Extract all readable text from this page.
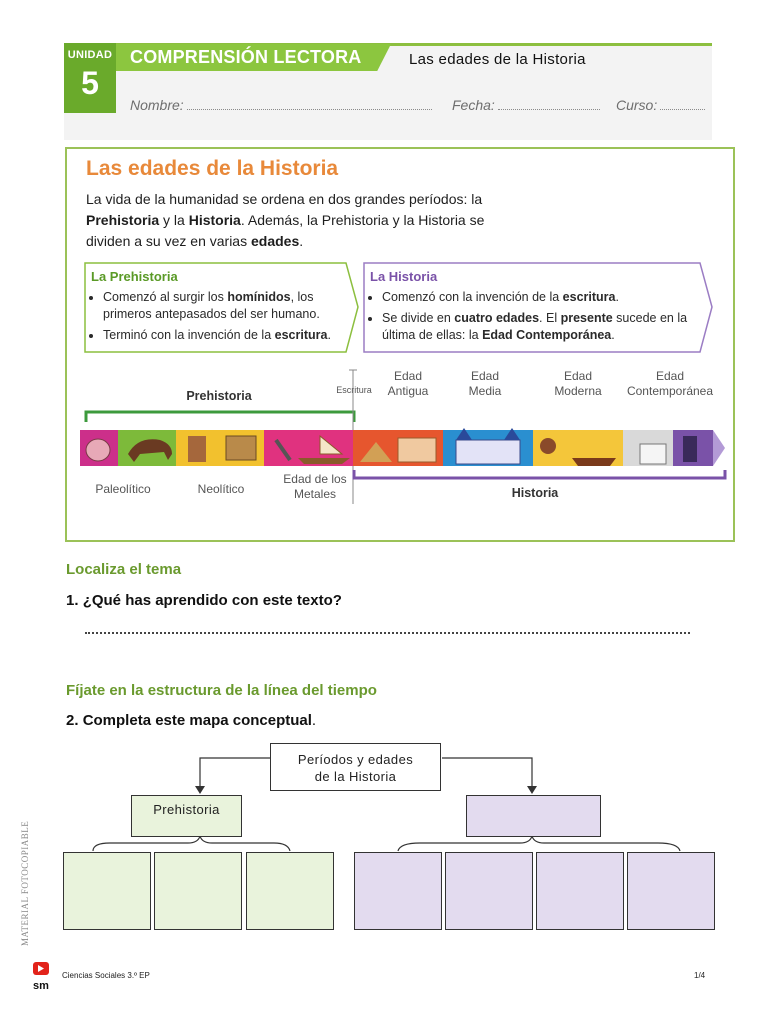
UNIDAD
5
COMPRENSIÓN LECTORA	Las edades de la Historia
Nombre:	Fecha:	Curso:
Las edades de la Historia
La vida de la humanidad se ordena en dos grandes períodos: la Prehistoria y la Historia. Además, la Prehistoria y la Historia se dividen a su vez en varias edades.
La Prehistoria
• Comenzó al surgir los homínidos, los primeros antepasados del ser humano.
• Terminó con la invención de la escritura.
La Historia
• Comenzó con la invención de la escritura.
• Se divide en cuatro edades. El presente sucede en la última de ellas: la Edad Contemporánea.
Prehistoria	Escritura
Edad Antigua
Edad Media
Edad Moderna
Edad Contemporánea
Paleolítico	Neolítico
Edad de los Metales	Historia
Localiza el tema
1. ¿Qué has aprendido con este texto?
Fíjate en la estructura de la línea del tiempo
2. Completa este mapa conceptual.
Períodos y edades
de la Historia
Prehistoria
MATERIAL FOTOCOPIABLE
sm
Ciencias Sociales 3.º EP	1/4
